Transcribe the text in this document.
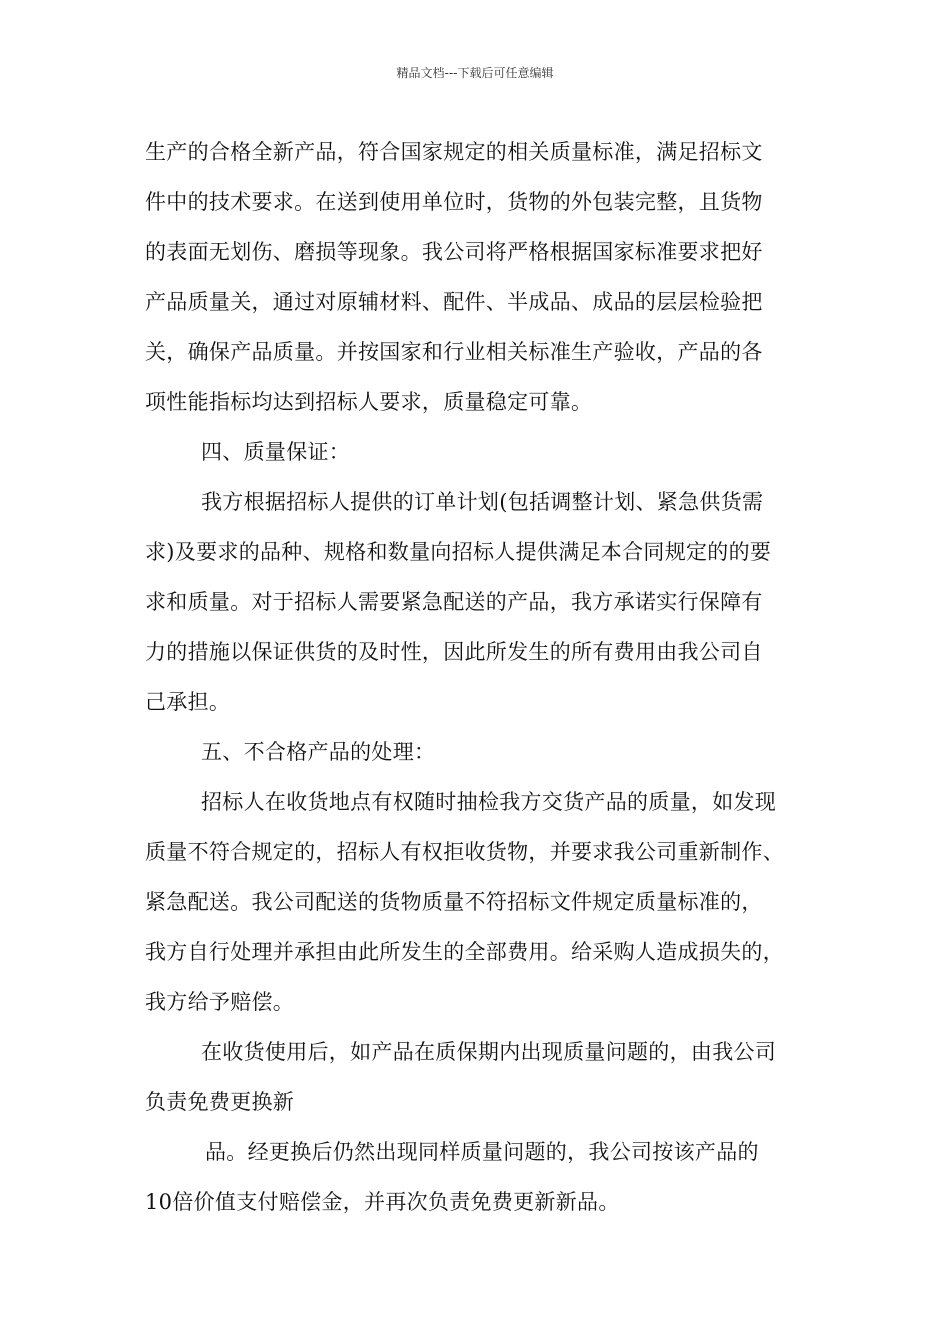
精品文档---下载后可任意编辑
生产的合格全新产品，符合国家规定的相关质量标准，满足招标文
件中的技术要求。在送到使用单位时，货物的外包装完整，且货物
的表面无划伤、磨损等现象。我公司将严格根据国家标准要求把好
产品质量关，通过对原辅材料、配件、半成品、成品的层层检验把
关，确保产品质量。并按国家和行业相关标准生产验收，产品的各
项性能指标均达到招标人要求，质量稳定可靠。
四、质量保证：
我方根据招标人提供的订单计划(包括调整计划、紧急供货需
求)及要求的品种、规格和数量向招标人提供满足本合同规定的的要
求和质量。对于招标人需要紧急配送的产品，我方承诺实行保障有
力的措施以保证供货的及时性，因此所发生的所有费用由我公司自
己承担。
五、不合格产品的处理：
招标人在收货地点有权随时抽检我方交货产品的质量，如发现
质量不符合规定的，招标人有权拒收货物，并要求我公司重新制作、
紧急配送。我公司配送的货物质量不符招标文件规定质量标准的，
我方自行处理并承担由此所发生的全部费用。给采购人造成损失的，
我方给予赔偿。
在收货使用后，如产品在质保期内出现质量问题的，由我公司
负责免费更换新
品。经更换后仍然出现同样质量问题的，我公司按该产品的
10倍价值支付赔偿金，并再次负责免费更新新品。
